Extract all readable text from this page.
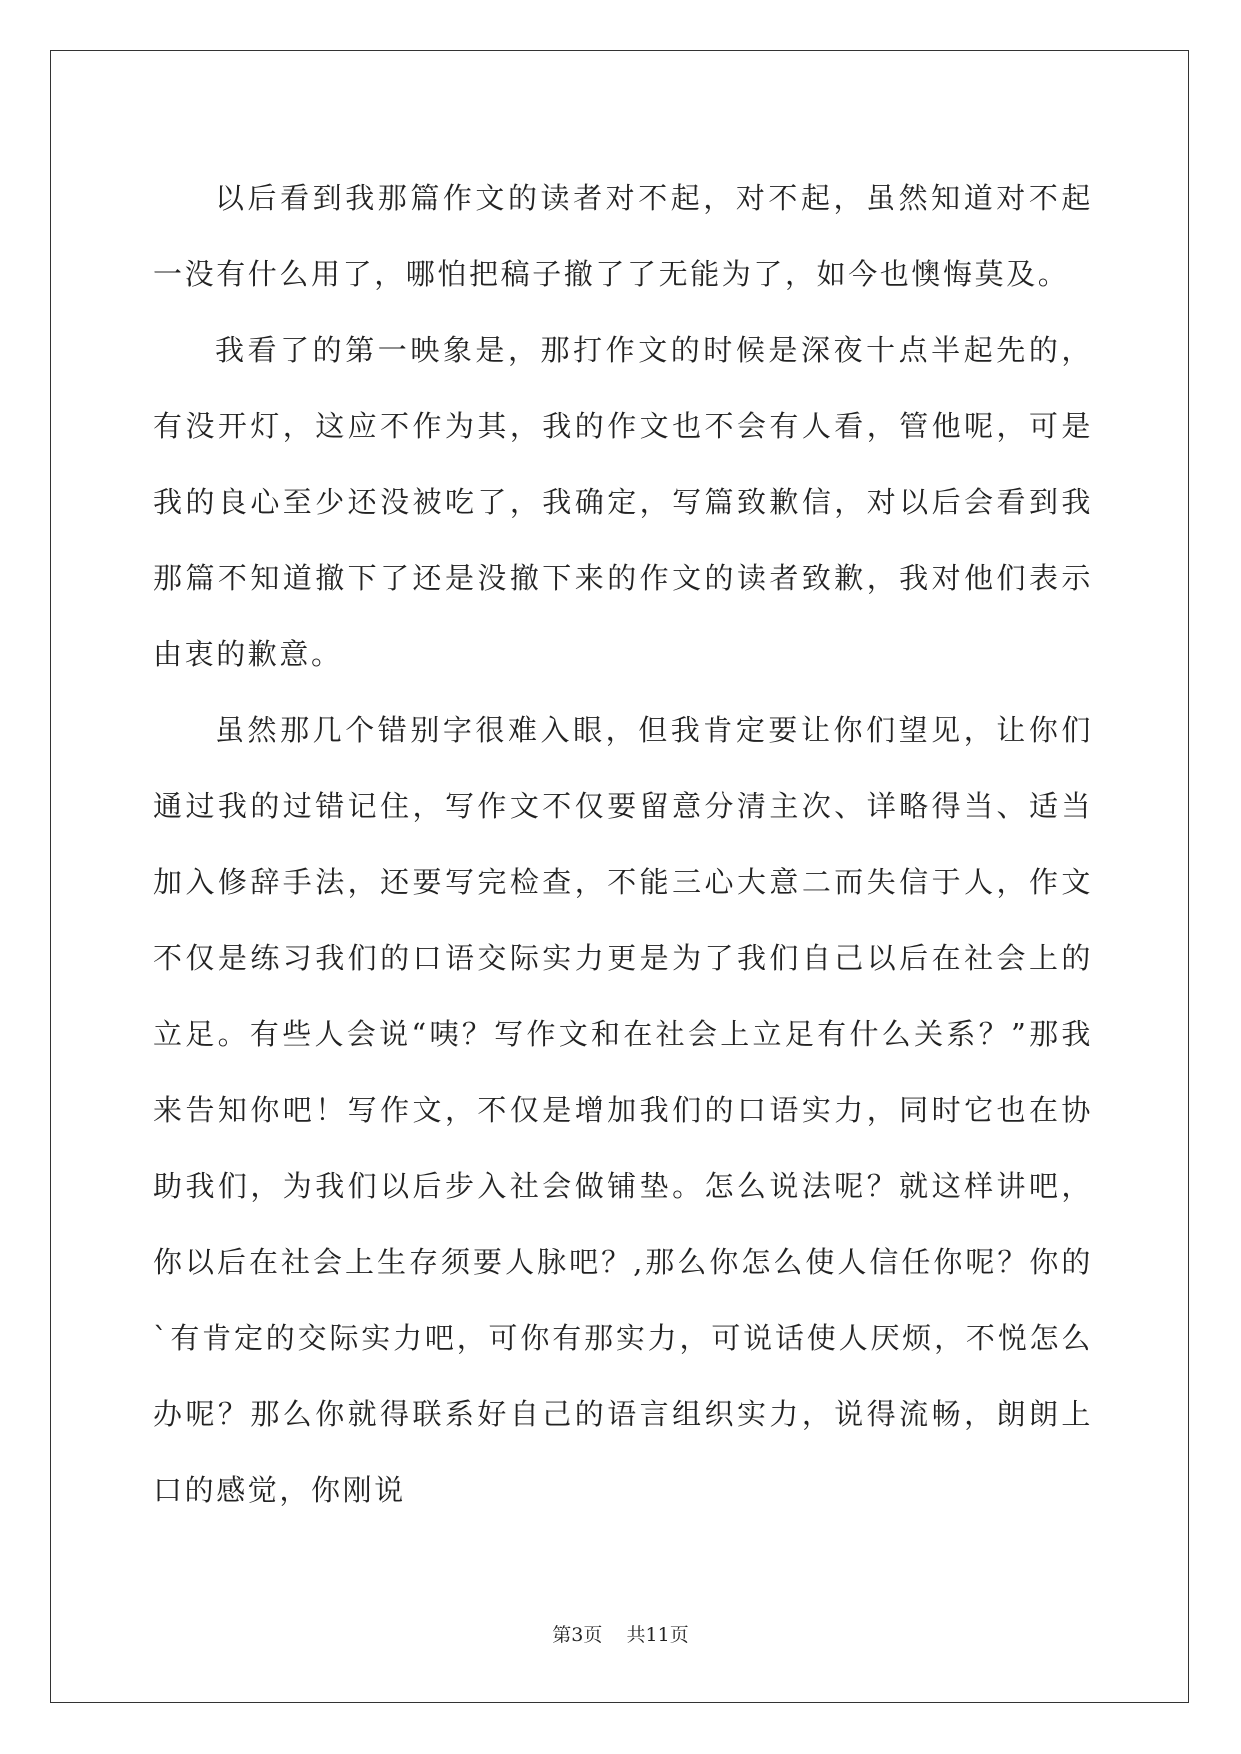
以后看到我那篇作文的读者对不起，对不起，虽然知道对不起一没有什么用了，哪怕把稿子撤了了无能为了，如今也懊悔莫及。

我看了的第一映象是，那打作文的时候是深夜十点半起先的，有没开灯，这应不作为其，我的作文也不会有人看，管他呢，可是我的良心至少还没被吃了，我确定，写篇致歉信，对以后会看到我那篇不知道撤下了还是没撤下来的作文的读者致歉，我对他们表示由衷的歉意。

虽然那几个错别字很难入眼，但我肯定要让你们望见，让你们通过我的过错记住，写作文不仅要留意分清主次、详略得当、适当加入修辞手法，还要写完检查，不能三心大意二而失信于人，作文不仅是练习我们的口语交际实力更是为了我们自己以后在社会上的立足。有些人会说“咦？写作文和在社会上立足有什么关系？”那我来告知你吧！写作文，不仅是增加我们的口语实力，同时它也在协助我们，为我们以后步入社会做铺垫。怎么说法呢？就这样讲吧，你以后在社会上生存须要人脉吧？,那么你怎么使人信任你呢？你的`有肯定的交际实力吧，可你有那实力，可说话使人厌烦，不悦怎么办呢？那么你就得联系好自己的语言组织实力，说得流畅，朗朗上口的感觉，你刚说

第3页 共11页
